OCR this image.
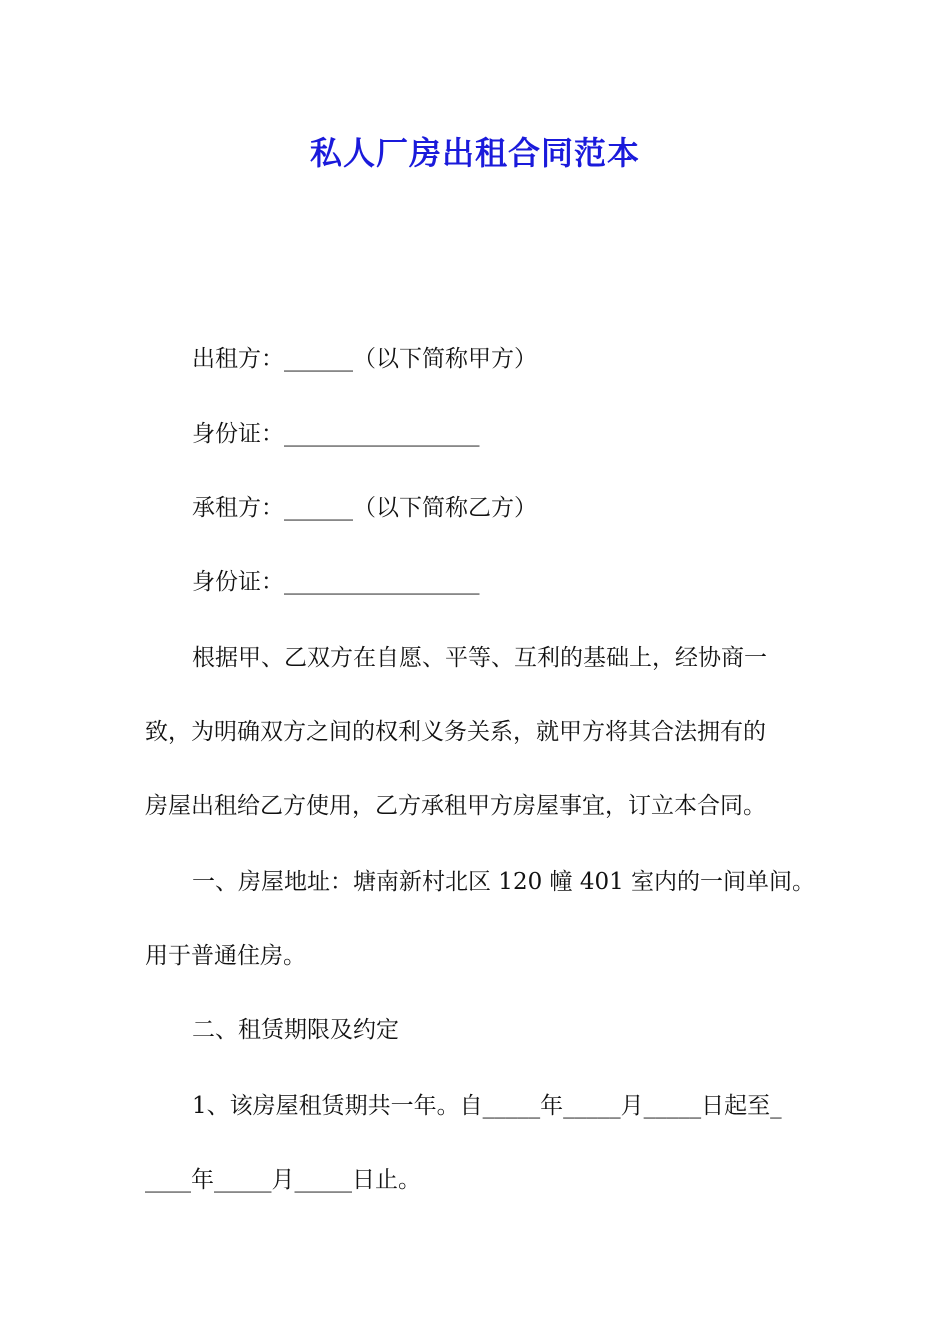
私人厂房出租合同范本

出租方：______（以下简称甲方）

身份证：_________________

承租方：______（以下简称乙方）

身份证：_________________

根据甲、乙双方在自愿、平等、互利的基础上，经协商一

致，为明确双方之间的权利义务关系，就甲方将其合法拥有的

房屋出租给乙方使用，乙方承租甲方房屋事宜，订立本合同。

一、房屋地址：塘南新村北区 120 幢 401 室内的一间单间。

用于普通住房。

二、租赁期限及约定

1、该房屋租赁期共一年。自_____年_____月_____日起至_

____年_____月_____日止。
